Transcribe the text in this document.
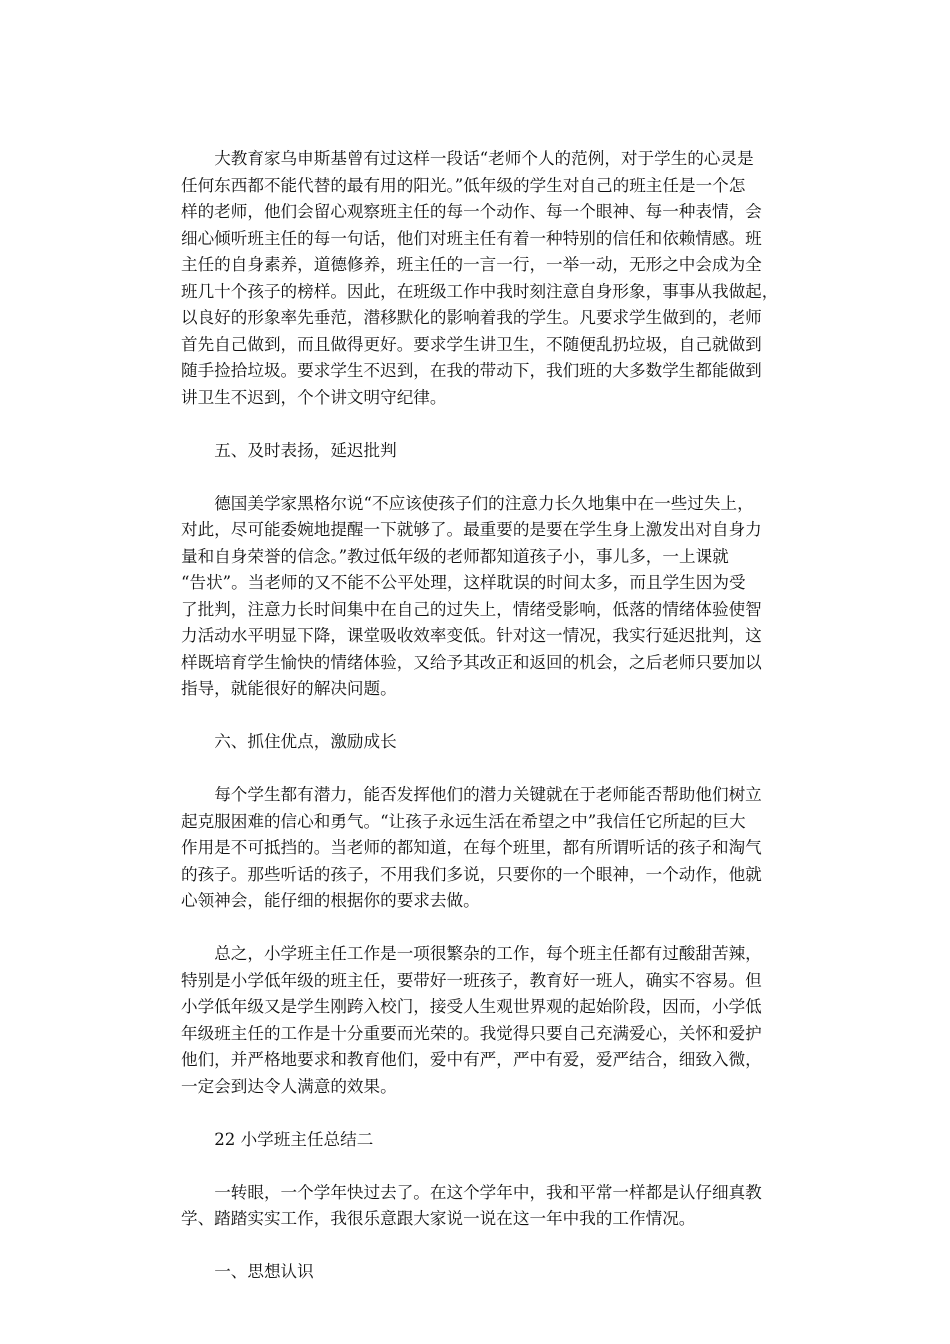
大教育家乌申斯基曾有过这样一段话“老师个人的范例，对于学生的心灵是
任何东西都不能代替的最有用的阳光。”低年级的学生对自己的班主任是一个怎
样的老师，他们会留心观察班主任的每一个动作、每一个眼神、每一种表情，会
细心倾听班主任的每一句话，他们对班主任有着一种特别的信任和依赖情感。班
主任的自身素养，道德修养，班主任的一言一行，一举一动，无形之中会成为全
班几十个孩子的榜样。因此，在班级工作中我时刻注意自身形象，事事从我做起，
以良好的形象率先垂范，潜移默化的影响着我的学生。凡要求学生做到的，老师
首先自己做到，而且做得更好。要求学生讲卫生，不随便乱扔垃圾，自己就做到
随手捡拾垃圾。要求学生不迟到，在我的带动下，我们班的大多数学生都能做到
讲卫生不迟到，个个讲文明守纪律。
五、及时表扬，延迟批判
德国美学家黑格尔说“不应该使孩子们的注意力长久地集中在一些过失上，
对此，尽可能委婉地提醒一下就够了。最重要的是要在学生身上激发出对自身力
量和自身荣誉的信念。”教过低年级的老师都知道孩子小，事儿多，一上课就
“告状”。当老师的又不能不公平处理，这样耽误的时间太多，而且学生因为受
了批判，注意力长时间集中在自己的过失上，情绪受影响，低落的情绪体验使智
力活动水平明显下降，课堂吸收效率变低。针对这一情况，我实行延迟批判，这
样既培育学生愉快的情绪体验，又给予其改正和返回的机会，之后老师只要加以
指导，就能很好的解决问题。
六、抓住优点，激励成长
每个学生都有潜力，能否发挥他们的潜力关键就在于老师能否帮助他们树立
起克服困难的信心和勇气。“让孩子永远生活在希望之中”我信任它所起的巨大
作用是不可抵挡的。当老师的都知道，在每个班里，都有所谓听话的孩子和淘气
的孩子。那些听话的孩子，不用我们多说，只要你的一个眼神，一个动作，他就
心领神会，能仔细的根据你的要求去做。
总之，小学班主任工作是一项很繁杂的工作，每个班主任都有过酸甜苦辣，
特别是小学低年级的班主任，要带好一班孩子，教育好一班人，确实不容易。但
小学低年级又是学生刚跨入校门，接受人生观世界观的起始阶段，因而，小学低
年级班主任的工作是十分重要而光荣的。我觉得只要自己充满爱心，关怀和爱护
他们，并严格地要求和教育他们，爱中有严，严中有爱，爱严结合，细致入微，
一定会到达令人满意的效果。
22 小学班主任总结二
一转眼，一个学年快过去了。在这个学年中，我和平常一样都是认仔细真教
学、踏踏实实工作，我很乐意跟大家说一说在这一年中我的工作情况。
一、思想认识
